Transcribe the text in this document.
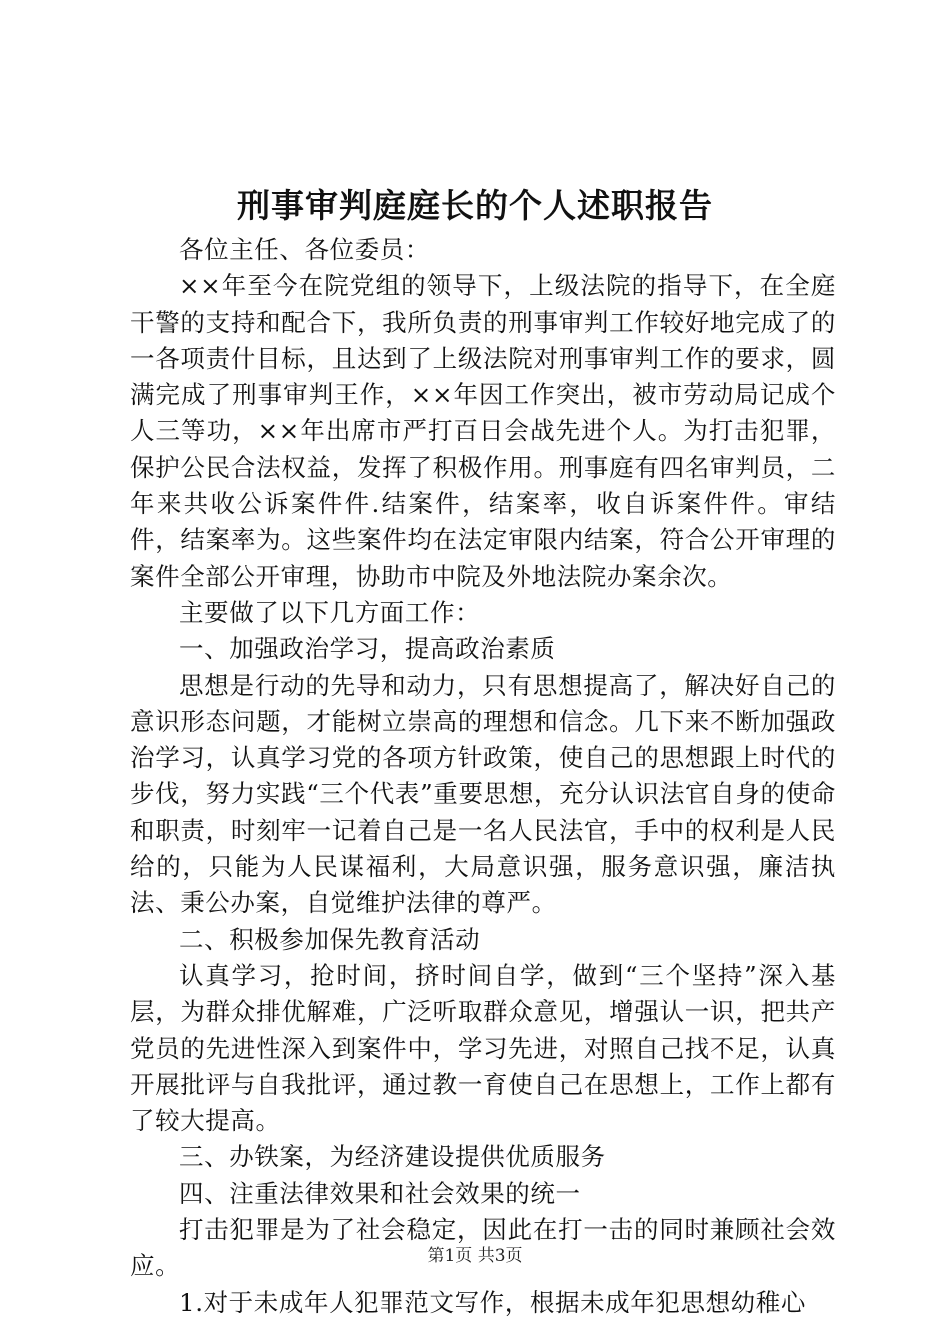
刑事审判庭庭长的个人述职报告

各位主任、各位委员：

××年至今在院党组的领导下，上级法院的指导下，在全庭干警的支持和配合下，我所负责的刑事审判工作较好地完成了的一各项责什目标，且达到了上级法院对刑事审判工作的要求，圆满完成了刑事审判王作，××年因工作突出，被市劳动局记成个人三等功，××年出席市严打百日会战先进个人。为打击犯罪，保护公民合法权益，发挥了积极作用。刑事庭有四名审判员，二年来共收公诉案件件.结案件，结案率，收自诉案件件。审结件，结案率为。这些案件均在法定审限内结案，符合公开审理的案件全部公开审理，协助市中院及外地法院办案余次。

主要做了以下几方面工作：

一、加强政治学习，提高政治素质

思想是行动的先导和动力，只有思想提高了，解决好自己的意识形态问题，才能树立崇高的理想和信念。几下来不断加强政治学习，认真学习党的各项方针政策，使自己的思想跟上时代的步伐，努力实践“三个代表”重要思想，充分认识法官自身的使命和职责，时刻牢一记着自己是一名人民法官，手中的权利是人民给的，只能为人民谋福利，大局意识强，服务意识强，廉洁执法、秉公办案，自觉维护法律的尊严。

二、积极参加保先教育活动

认真学习，抢时间，挤时间自学，做到“三个坚持”深入基层，为群众排优解难，广泛听取群众意见，增强认一识，把共产党员的先进性深入到案件中，学习先进，对照自己找不足，认真开展批评与自我批评，通过教一育使自己在思想上，工作上都有了较大提高。

三、办铁案，为经济建设提供优质服务

四、注重法律效果和社会效果的统一

打击犯罪是为了社会稳定，因此在打一击的同时兼顾社会效应。

1.对于未成年人犯罪范文写作，根据未成年犯思想幼稚心

第1页 共3页
